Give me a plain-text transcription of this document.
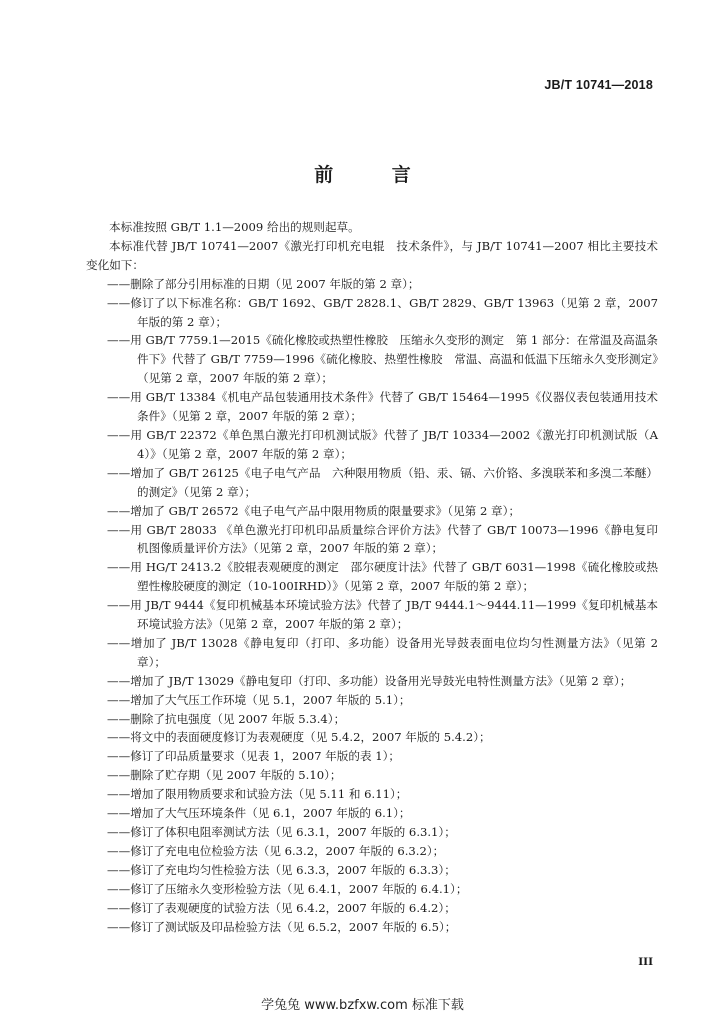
JB/T 10741—2018
前 言

本标准按照 GB/T 1.1—2009 给出的规则起草。

本标准代替 JB/T 10741—2007《激光打印机充电辊　技术条件》，与 JB/T 10741—2007 相比主要技术变化如下：

——删除了部分引用标准的日期（见 2007 年版的第 2 章）；

——修订了以下标准名称：GB/T 1692、GB/T 2828.1、GB/T 2829、GB/T 13963（见第 2 章，2007 年版的第 2 章）；

——用 GB/T 7759.1—2015《硫化橡胶或热塑性橡胶　压缩永久变形的测定　第 1 部分：在常温及高温条件下》代替了 GB/T 7759—1996《硫化橡胶、热塑性橡胶　常温、高温和低温下压缩永久变形测定》（见第 2 章，2007 年版的第 2 章）；

——用 GB/T 13384《机电产品包装通用技术条件》代替了 GB/T 15464—1995《仪器仪表包装通用技术条件》（见第 2 章，2007 年版的第 2 章）；

——用 GB/T 22372《单色黑白激光打印机测试版》代替了 JB/T 10334—2002《激光打印机测试版（A4）》（见第 2 章，2007 年版的第 2 章）；

——增加了 GB/T 26125《电子电气产品　六种限用物质（铅、汞、镉、六价铬、多溴联苯和多溴二苯醚）的测定》（见第 2 章）；

——增加了 GB/T 26572《电子电气产品中限用物质的限量要求》（见第 2 章）；

——用 GB/T 28033 《单色激光打印机印品质量综合评价方法》代替了 GB/T 10073—1996《静电复印机图像质量评价方法》（见第 2 章，2007 年版的第 2 章）；

——用 HG/T 2413.2《胶辊表观硬度的测定　邵尔硬度计法》代替了 GB/T 6031—1998《硫化橡胶或热塑性橡胶硬度的测定（10-100IRHD）》（见第 2 章，2007 年版的第 2 章）；

——用 JB/T 9444《复印机械基本环境试验方法》代替了 JB/T 9444.1～9444.11—1999《复印机械基本环境试验方法》（见第 2 章，2007 年版的第 2 章）；

——增加了 JB/T 13028《静电复印（打印、多功能）设备用光导鼓表面电位均匀性测量方法》（见第 2 章）；

——增加了 JB/T 13029《静电复印（打印、多功能）设备用光导鼓光电特性测量方法》（见第 2 章）；

——增加了大气压工作环境（见 5.1，2007 年版的 5.1）；

——删除了抗电强度（见 2007 年版 5.3.4）；

——将文中的表面硬度修订为表观硬度（见 5.4.2，2007 年版的 5.4.2）；

——修订了印品质量要求（见表 1，2007 年版的表 1）；

——删除了贮存期（见 2007 年版的 5.10）；

——增加了限用物质要求和试验方法（见 5.11 和 6.11）；

——增加了大气压环境条件（见 6.1，2007 年版的 6.1）；

——修订了体积电阻率测试方法（见 6.3.1，2007 年版的 6.3.1）；

——修订了充电电位检验方法（见 6.3.2，2007 年版的 6.3.2）；

——修订了充电均匀性检验方法（见 6.3.3，2007 年版的 6.3.3）；

——修订了压缩永久变形检验方法（见 6.4.1，2007 年版的 6.4.1）；

——修订了表观硬度的试验方法（见 6.4.2，2007 年版的 6.4.2）；

——修订了测试版及印品检验方法（见 6.5.2，2007 年版的 6.5）；

III
学兔兔 www.bzfxw.com 标准下载
